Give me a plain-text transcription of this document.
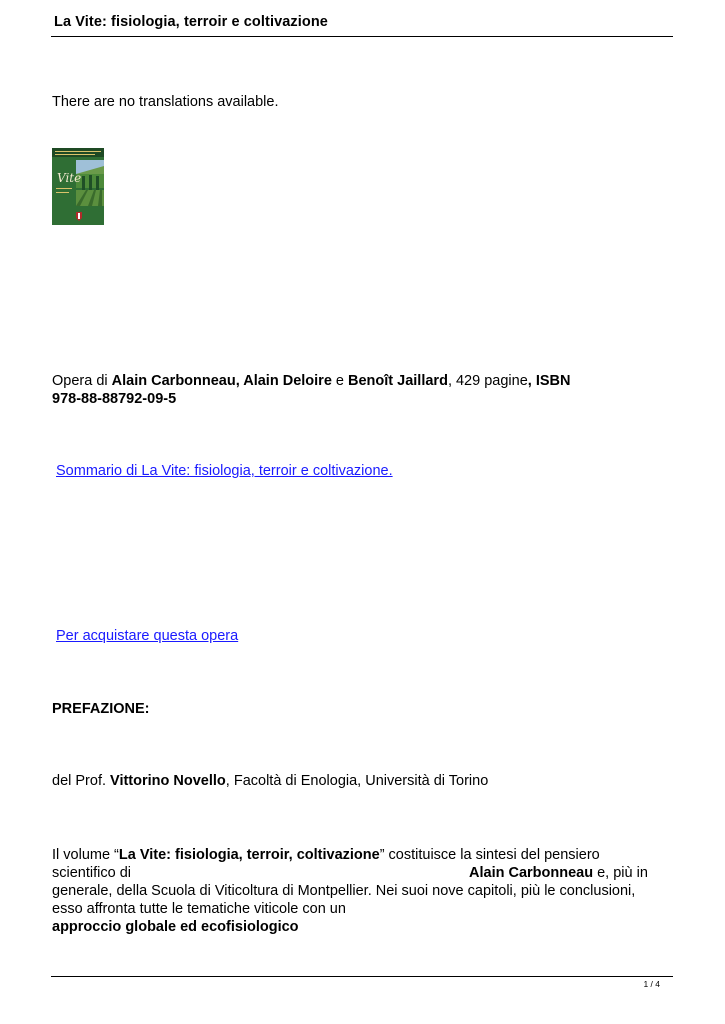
La Vite: fisiologia, terroir e coltivazione
There are no translations available.
Vite
Opera di Alain Carbonneau, Alain Deloire e Benoît Jaillard, 429 pagine, ISBN
978-88-88792-09-5
Sommario di La Vite: fisiologia, terroir e coltivazione.
Per acquistare questa opera
PREFAZIONE:
del Prof. Vittorino Novello, Facoltà di Enologia, Università di Torino
Il volume “La Vite: fisiologia, terroir, coltivazione” costituisce la sintesi del pensiero
scientifico di	Alain Carbonneau e, più in
generale, della Scuola di Viticoltura di Montpellier. Nei suoi nove capitoli, più le conclusioni,
esso affronta tutte le tematiche viticole con un
approccio globale ed ecofisiologico
1 / 4
